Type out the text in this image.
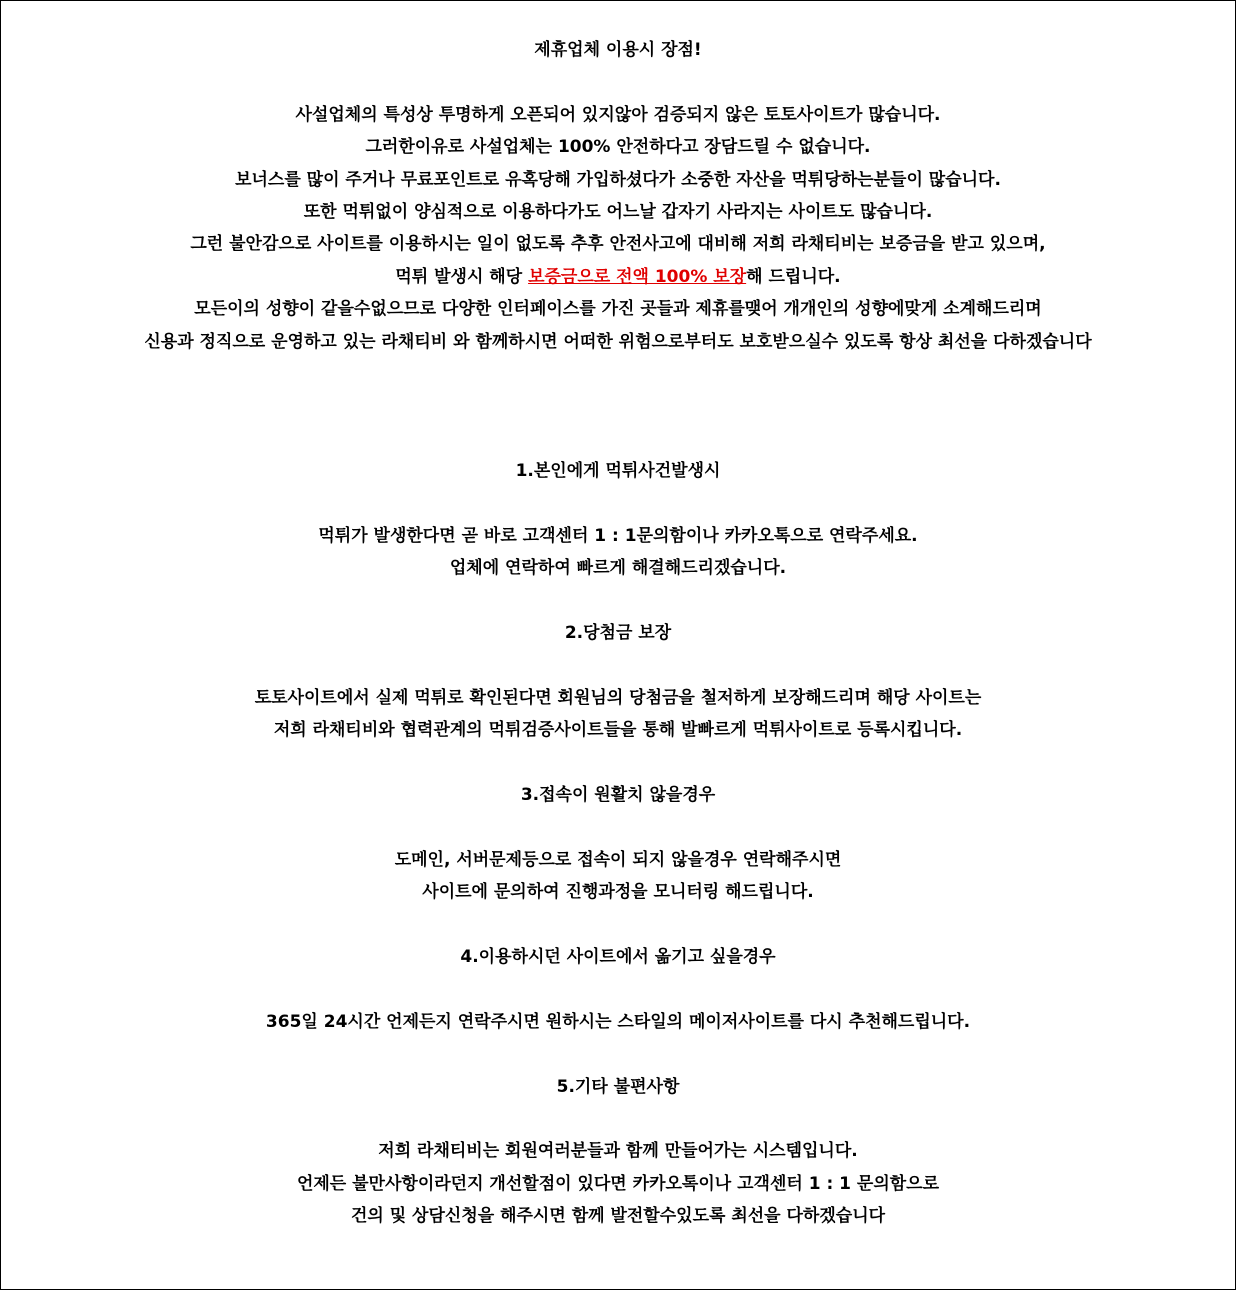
제휴업체 이용시 장점!
사설업체의 특성상 투명하게 오픈되어 있지않아 검증되지 않은 토토사이트가 많습니다.
그러한이유로 사설업체는 100% 안전하다고 장담드릴 수 없습니다.
보너스를 많이 주거나 무료포인트로 유혹당해 가입하셨다가 소중한 자산을 먹튀당하는분들이 많습니다.
또한 먹튀없이 양심적으로 이용하다가도 어느날 갑자기 사라지는 사이트도 많습니다.
그런 불안감으로 사이트를 이용하시는 일이 없도록 추후 안전사고에 대비해 저희 라채티비는 보증금을 받고 있으며,
먹튀 발생시 해당 보증금으로 전액 100% 보장해 드립니다.
모든이의 성향이 같을수없으므로 다양한 인터페이스를 가진 곳들과 제휴를맺어 개개인의 성향에맞게 소계해드리며
신용과 정직으로 운영하고 있는 라채티비 와 함께하시면 어떠한 위험으로부터도 보호받으실수 있도록 항상 최선을 다하겠습니다
1.본인에게 먹튀사건발생시
먹튀가 발생한다면 곧 바로 고객센터 1 : 1문의함이나 카카오톡으로 연락주세요.
업체에 연락하여 빠르게 해결해드리겠습니다.
2.당첨금 보장
토토사이트에서 실제 먹튀로 확인된다면 회원님의 당첨금을 철저하게 보장해드리며 해당 사이트는
저희 라채티비와 협력관계의 먹튀검증사이트들을 통해 발빠르게 먹튀사이트로 등록시킵니다.
3.접속이 원활치 않을경우
도메인, 서버문제등으로 접속이 되지 않을경우 연락해주시면
사이트에 문의하여 진행과정을 모니터링 해드립니다.
4.이용하시던 사이트에서 옮기고 싶을경우
365일 24시간 언제든지 연락주시면 원하시는 스타일의 메이저사이트를 다시 추천해드립니다.
5.기타 불편사항
저희 라채티비는 회원여러분들과 함께 만들어가는 시스템입니다.
언제든 불만사항이라던지 개선할점이 있다면 카카오톡이나 고객센터 1 : 1 문의함으로
건의 및 상담신청을 해주시면 함께 발전할수있도록 최선을 다하겠습니다
